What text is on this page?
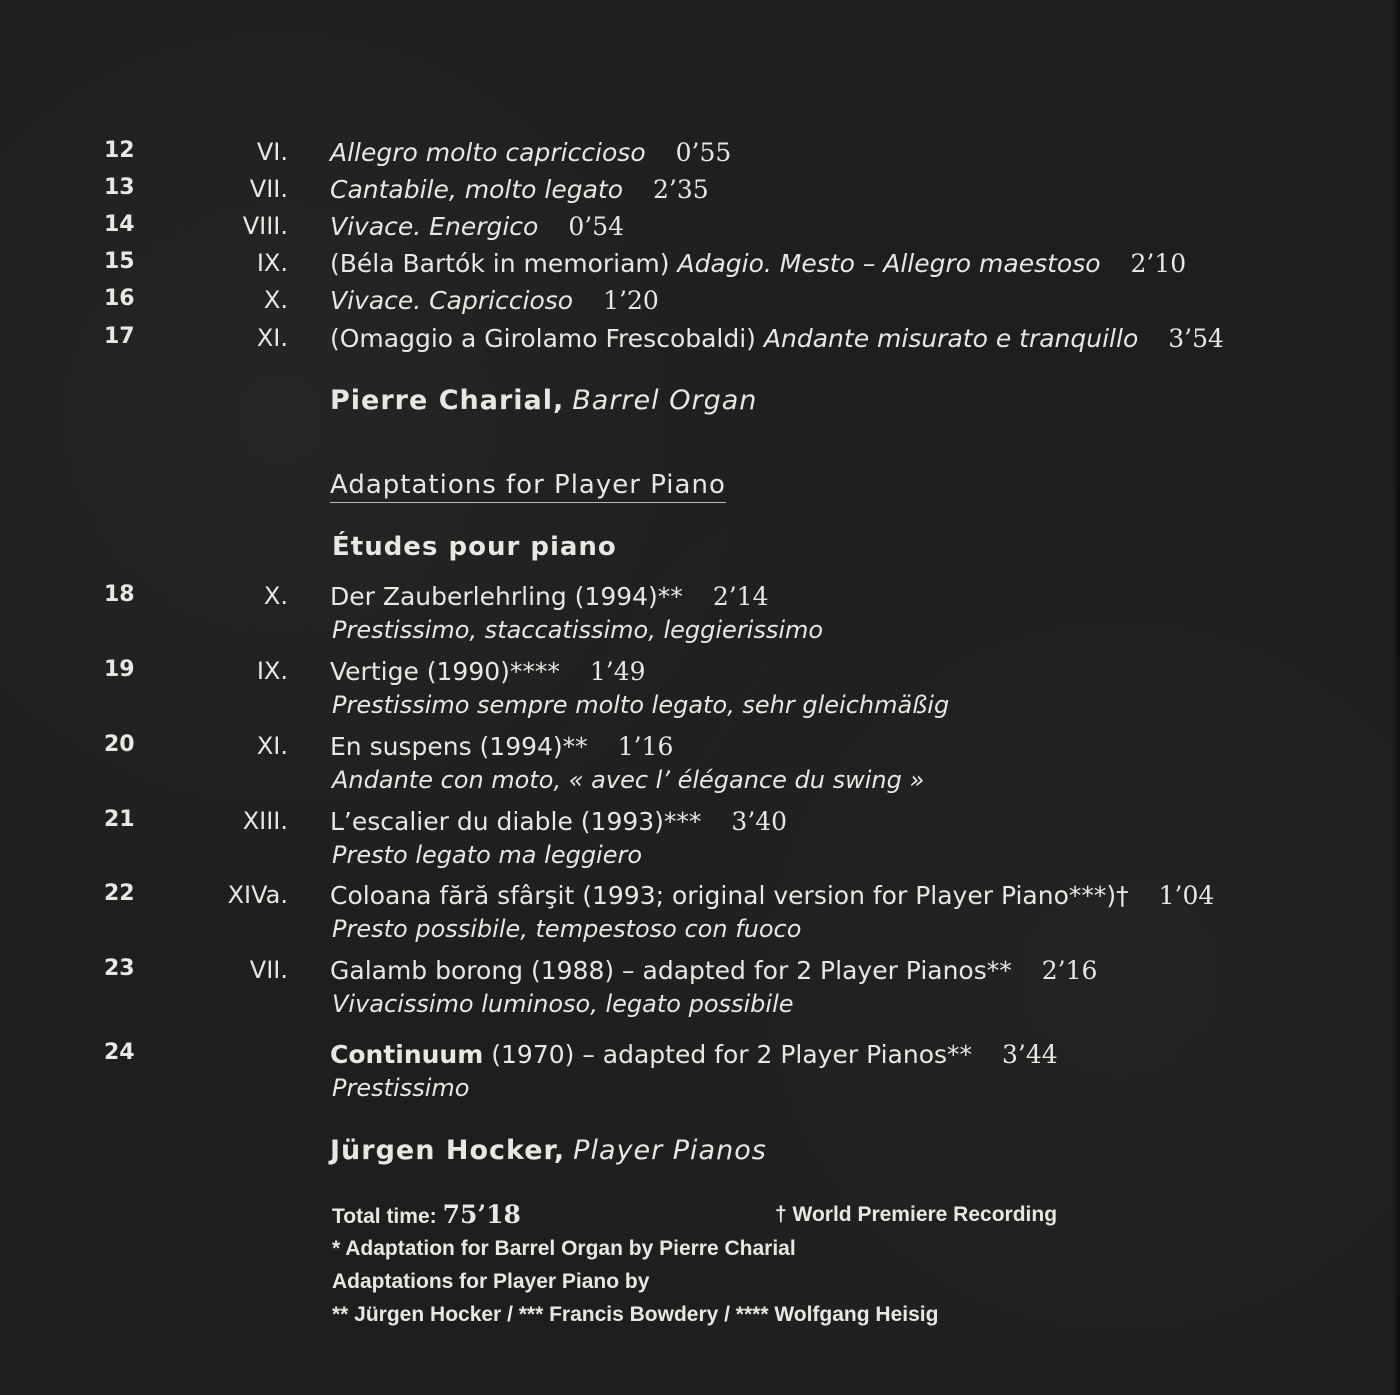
12	VI. Allegro molto capriccioso 0’55
13	VII. Cantabile, molto legato 2’35
14	VIII. Vivace. Energico 0’54
15	IX. (Béla Bartók in memoriam) Adagio. Mesto – Allegro maestoso 2’10
16	X. Vivace. Capriccioso 1’20
17	XI. (Omaggio a Girolamo Frescobaldi) Andante misurato e tranquillo 3’54
Pierre Charial, Barrel Organ
Adaptations for Player Piano
Études pour piano
18	X. Der Zauberlehrling (1994)** 2’14
Prestissimo, staccatissimo, leggierissimo
19	IX. Vertige (1990)**** 1’49
Prestissimo sempre molto legato, sehr gleichmäßig
20	XI. En suspens (1994)** 1’16
Andante con moto, « avec l’ élégance du swing »
21	XIII. L’escalier du diable (1993)*** 3’40
Presto legato ma leggiero
22	XIVa. Coloana fără sfârşit (1993; original version for Player Piano***)† 1’04
Presto possibile, tempestoso con fuoco
23	VII. Galamb borong (1988) – adapted for 2 Player Pianos** 2’16
Vivacissimo luminoso, legato possibile
24	Continuum (1970) – adapted for 2 Player Pianos** 3’44
Prestissimo
Jürgen Hocker, Player Pianos
Total time: 75’18	† World Premiere Recording
* Adaptation for Barrel Organ by Pierre Charial
Adaptations for Player Piano by
** Jürgen Hocker / *** Francis Bowdery / **** Wolfgang Heisig
